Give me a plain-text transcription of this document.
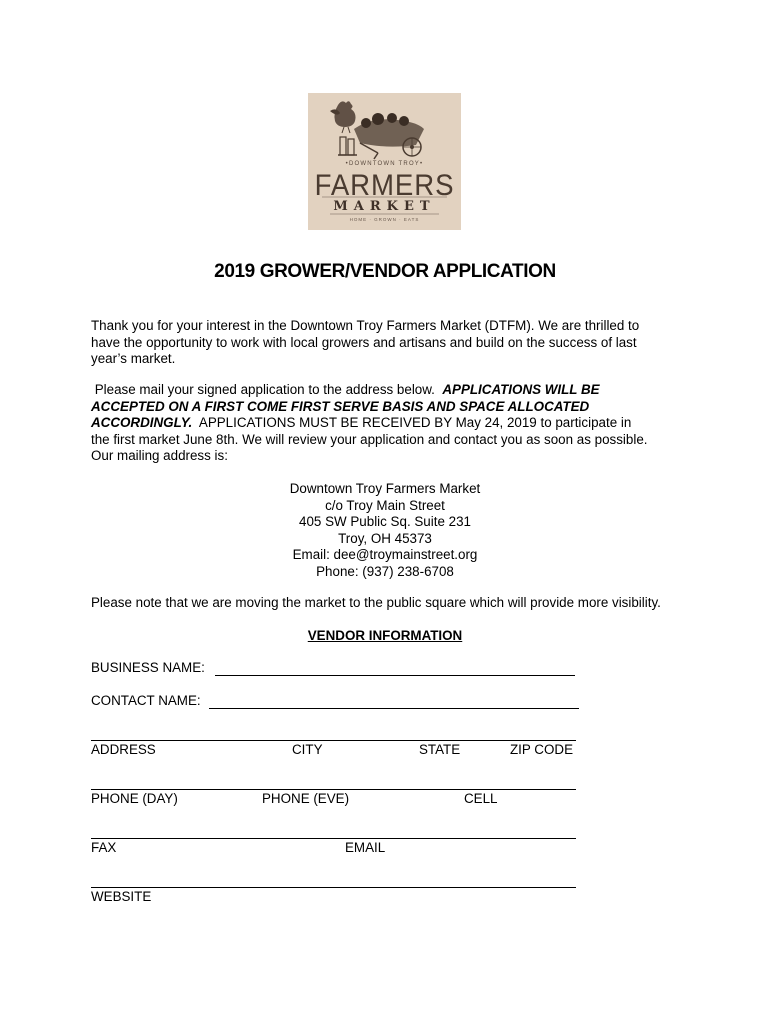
•DOWNTOWN TROY•
FARMERS
MARKET
HOME · GROWN · EATS
2019 GROWER/VENDOR APPLICATION
Thank you for your interest in the Downtown Troy Farmers Market (DTFM). We are thrilled to
have the opportunity to work with local growers and artisans and build on the success of last
year’s market.
Please mail your signed application to the address below.  APPLICATIONS WILL BE
ACCEPTED ON A FIRST COME FIRST SERVE BASIS AND SPACE ALLOCATED
ACCORDINGLY.  APPLICATIONS MUST BE RECEIVED BY May 24, 2019 to participate in
the first market June 8th. We will review your application and contact you as soon as possible.
Our mailing address is:
Downtown Troy Farmers Market
c/o Troy Main Street
405 SW Public Sq. Suite 231
Troy, OH 45373
Email: dee@troymainstreet.org
Phone: (937) 238-6708
Please note that we are moving the market to the public square which will provide more visibility.
VENDOR INFORMATION
BUSINESS NAME:
CONTACT NAME:
ADDRESS	CITY	STATE	ZIP CODE
PHONE (DAY)	PHONE (EVE)	CELL
FAX	EMAIL
WEBSITE
